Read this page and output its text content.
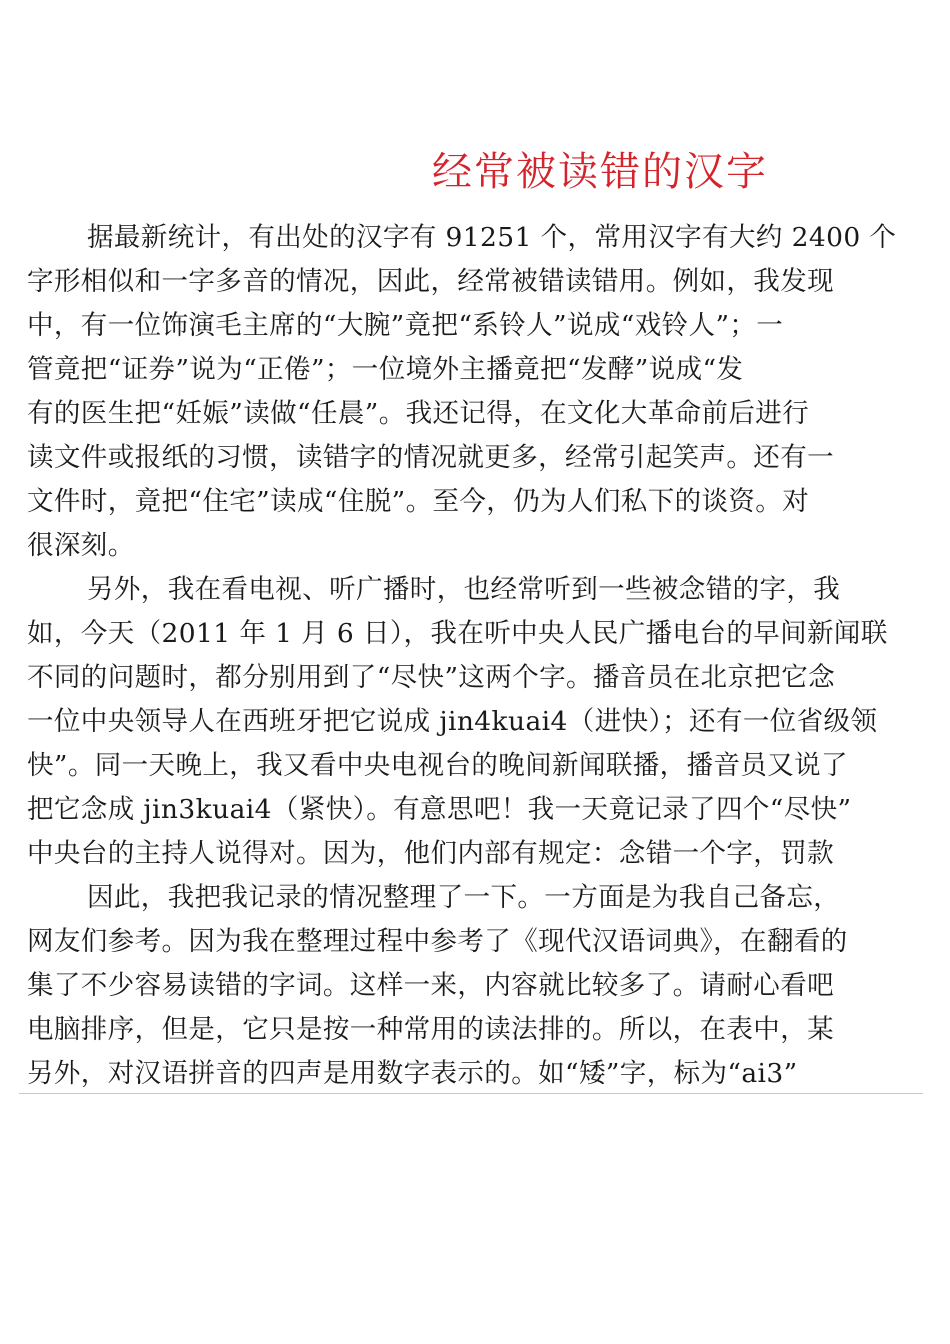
经常被读错的汉字
据最新统计，有出处的汉字有 91251 个，常用汉字有大约 2400 个
字形相似和一字多音的情况，因此，经常被错读错用。例如，我发现
中，有一位饰演毛主席的“大腕”竟把“系铃人”说成“戏铃人”；一
管竟把“证券”说为“正倦”；一位境外主播竟把“发酵”说成“发
有的医生把“妊娠”读做“任晨”。我还记得，在文化大革命前后进行
读文件或报纸的习惯，读错字的情况就更多，经常引起笑声。还有一
文件时，竟把“住宅”读成“住脱”。至今，仍为人们私下的谈资。对
很深刻。
另外，我在看电视、听广播时，也经常听到一些被念错的字，我
如，今天（2011 年 1 月 6 日），我在听中央人民广播电台的早间新闻联
不同的问题时，都分别用到了“尽快”这两个字。播音员在北京把它念
一位中央领导人在西班牙把它说成 jin4kuai4（进快）；还有一位省级领
快”。同一天晚上，我又看中央电视台的晚间新闻联播，播音员又说了
把它念成 jin3kuai4（紧快）。有意思吧！我一天竟记录了四个“尽快”
中央台的主持人说得对。因为，他们内部有规定：念错一个字，罚款
因此，我把我记录的情况整理了一下。一方面是为我自己备忘，
网友们参考。因为我在整理过程中参考了《现代汉语词典》，在翻看的
集了不少容易读错的字词。这样一来，内容就比较多了。请耐心看吧
电脑排序，但是，它只是按一种常用的读法排的。所以，在表中，某
另外，对汉语拼音的四声是用数字表示的。如“矮”字，标为“ai3”
